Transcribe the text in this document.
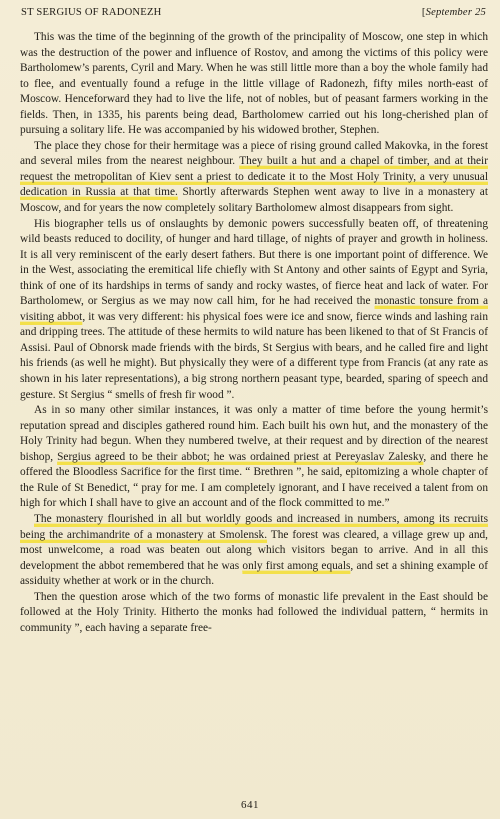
ST SERGIUS OF RADONEZH	[September 25

This was the time of the beginning of the growth of the principality of Moscow, one step in which was the destruction of the power and influence of Rostov, and among the victims of this policy were Bartholomew’s parents, Cyril and Mary. When he was still little more than a boy the whole family had to flee, and eventually found a refuge in the little village of Radonezh, fifty miles north-east of Moscow. Henceforward they had to live the life, not of nobles, but of peasant farmers working in the fields. Then, in 1335, his parents being dead, Bartholomew carried out his long-cherished plan of pursuing a solitary life. He was accompanied by his widowed brother, Stephen.

The place they chose for their hermitage was a piece of rising ground called Makovka, in the forest and several miles from the nearest neighbour. They built a hut and a chapel of timber, and at their request the metropolitan of Kiev sent a priest to dedicate it to the Most Holy Trinity, a very unusual dedication in Russia at that time. Shortly afterwards Stephen went away to live in a monastery at Moscow, and for years the now completely solitary Bartholomew almost disappears from sight.

His biographer tells us of onslaughts by demonic powers successfully beaten off, of threatening wild beasts reduced to docility, of hunger and hard tillage, of nights of prayer and growth in holiness. It is all very reminiscent of the early desert fathers. But there is one important point of difference. We in the West, associating the eremitical life chiefly with St Antony and other saints of Egypt and Syria, think of one of its hardships in terms of sandy and rocky wastes, of fierce heat and lack of water. For Bartholomew, or Sergius as we may now call him, for he had received the monastic tonsure from a visiting abbot, it was very different: his physical foes were ice and snow, fierce winds and lashing rain and dripping trees. The attitude of these hermits to wild nature has been likened to that of St Francis of Assisi. Paul of Obnorsk made friends with the birds, St Sergius with bears, and he called fire and light his friends (as well he might). But physically they were of a different type from Francis (at any rate as shown in his later representations), a big strong northern peasant type, bearded, sparing of speech and gesture. St Sergius “ smells of fresh fir wood ”.

As in so many other similar instances, it was only a matter of time before the young hermit’s reputation spread and disciples gathered round him. Each built his own hut, and the monastery of the Holy Trinity had begun. When they numbered twelve, at their request and by direction of the nearest bishop, Sergius agreed to be their abbot; he was ordained priest at Pereyaslav Zalesky, and there he offered the Bloodless Sacrifice for the first time. “ Brethren ”, he said, epitomizing a whole chapter of the Rule of St Benedict, “ pray for me. I am completely ignorant, and I have received a talent from on high for which I shall have to give an account and of the flock committed to me.”

The monastery flourished in all but worldly goods and increased in numbers, among its recruits being the archimandrite of a monastery at Smolensk. The forest was cleared, a village grew up and, most unwelcome, a road was beaten out along which visitors began to arrive. And in all this development the abbot remembered that he was only first among equals, and set a shining example of assiduity whether at work or in the church.

Then the question arose which of the two forms of monastic life prevalent in the East should be followed at the Holy Trinity. Hitherto the monks had followed the individual pattern, “ hermits in community ”, each having a separate free-

641
